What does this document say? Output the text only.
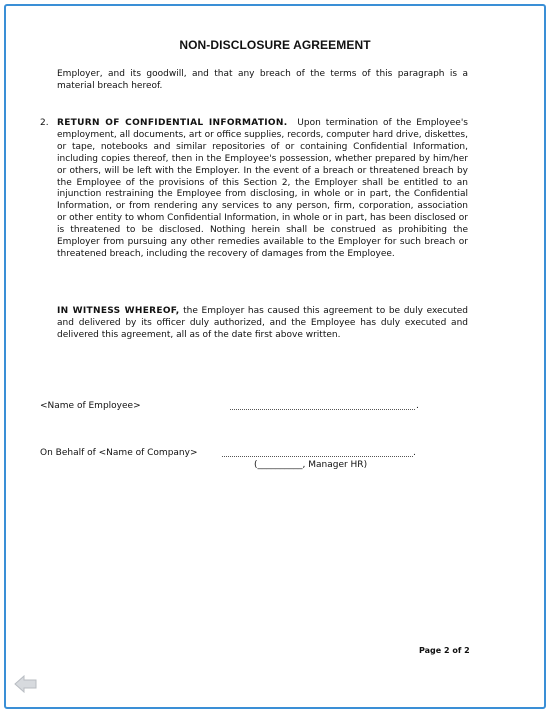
NON-DISCLOSURE AGREEMENT
Employer, and its goodwill, and that any breach of the terms of this paragraph is a material breach hereof.
2. RETURN OF CONFIDENTIAL INFORMATION. Upon termination of the Employee's employment, all documents, art or office supplies, records, computer hard drive, diskettes, or tape, notebooks and similar repositories of or containing Confidential Information, including copies thereof, then in the Employee's possession, whether prepared by him/her or others, will be left with the Employer. In the event of a breach or threatened breach by the Employee of the provisions of this Section 2, the Employer shall be entitled to an injunction restraining the Employee from disclosing, in whole or in part, the Confidential Information, or from rendering any services to any person, firm, corporation, association or other entity to whom Confidential Information, in whole or in part, has been disclosed or is threatened to be disclosed. Nothing herein shall be construed as prohibiting the Employer from pursuing any other remedies available to the Employer for such breach or threatened breach, including the recovery of damages from the Employee.
IN WITNESS WHEREOF, the Employer has caused this agreement to be duly executed and delivered by its officer duly authorized, and the Employee has duly executed and delivered this agreement, all as of the date first above written.
<Name of Employee>	.
On Behalf of <Name of Company>	.
(__________, Manager HR)
Page 2 of 2
